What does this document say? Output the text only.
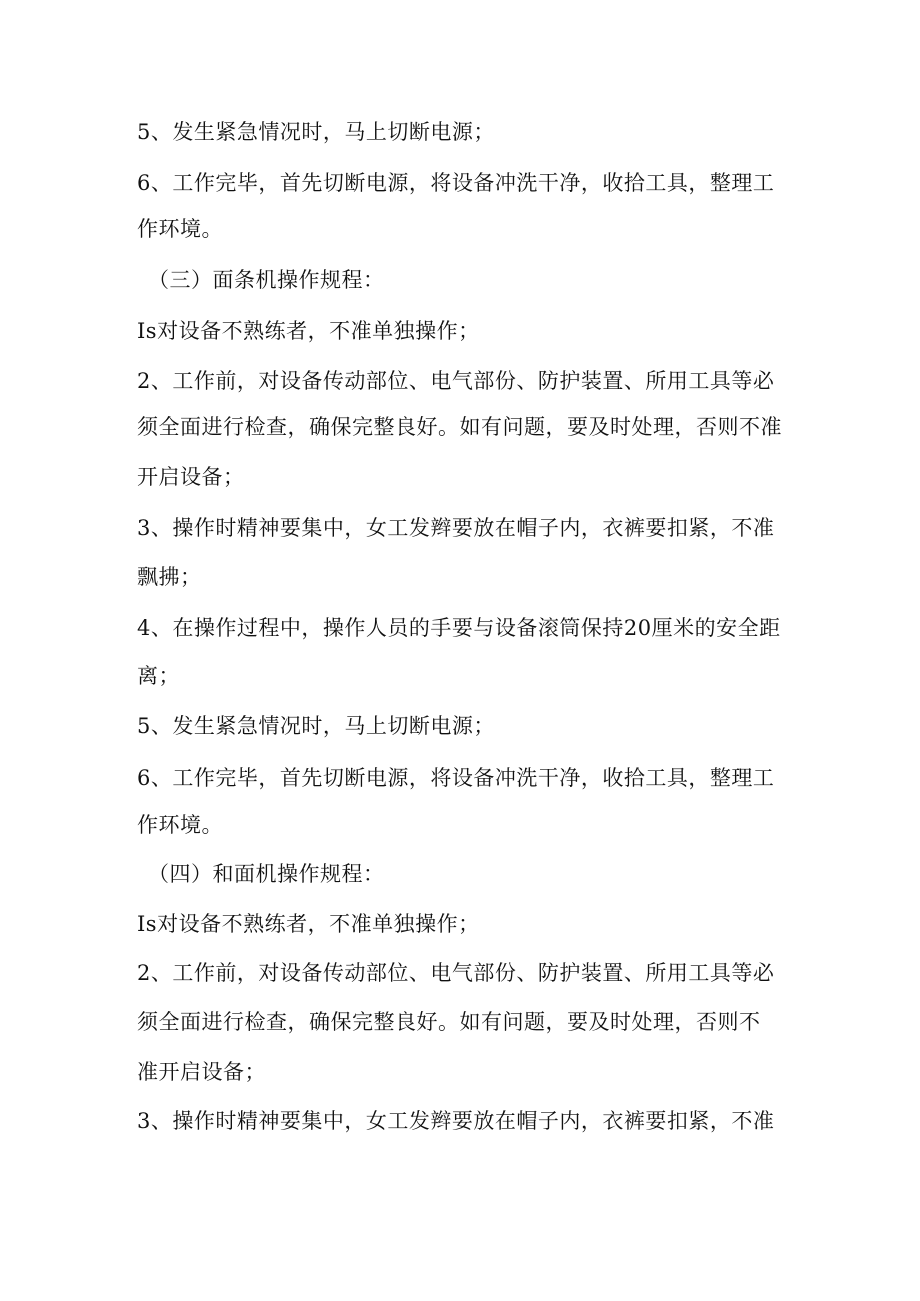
5、发生紧急情况时，马上切断电源；

6、工作完毕，首先切断电源，将设备冲洗干净，收拾工具，整理工

作环境。

（三）面条机操作规程：

Is对设备不熟练者，不准单独操作；

2、工作前，对设备传动部位、电气部份、防护装置、所用工具等必

须全面进行检查，确保完整良好。如有问题，要及时处理，否则不准

开启设备；

3、操作时精神要集中，女工发辫要放在帽子内，衣裤要扣紧，不准

飘拂；

4、在操作过程中，操作人员的手要与设备滚筒保持20厘米的安全距

离；

5、发生紧急情况时，马上切断电源；

6、工作完毕，首先切断电源，将设备冲洗干净，收拾工具，整理工

作环境。

（四）和面机操作规程：

Is对设备不熟练者，不准单独操作；

2、工作前，对设备传动部位、电气部份、防护装置、所用工具等必

须全面进行检查，确保完整良好。如有问题，要及时处理，否则不

准开启设备；

3、操作时精神要集中，女工发辫要放在帽子内，衣裤要扣紧，不准
